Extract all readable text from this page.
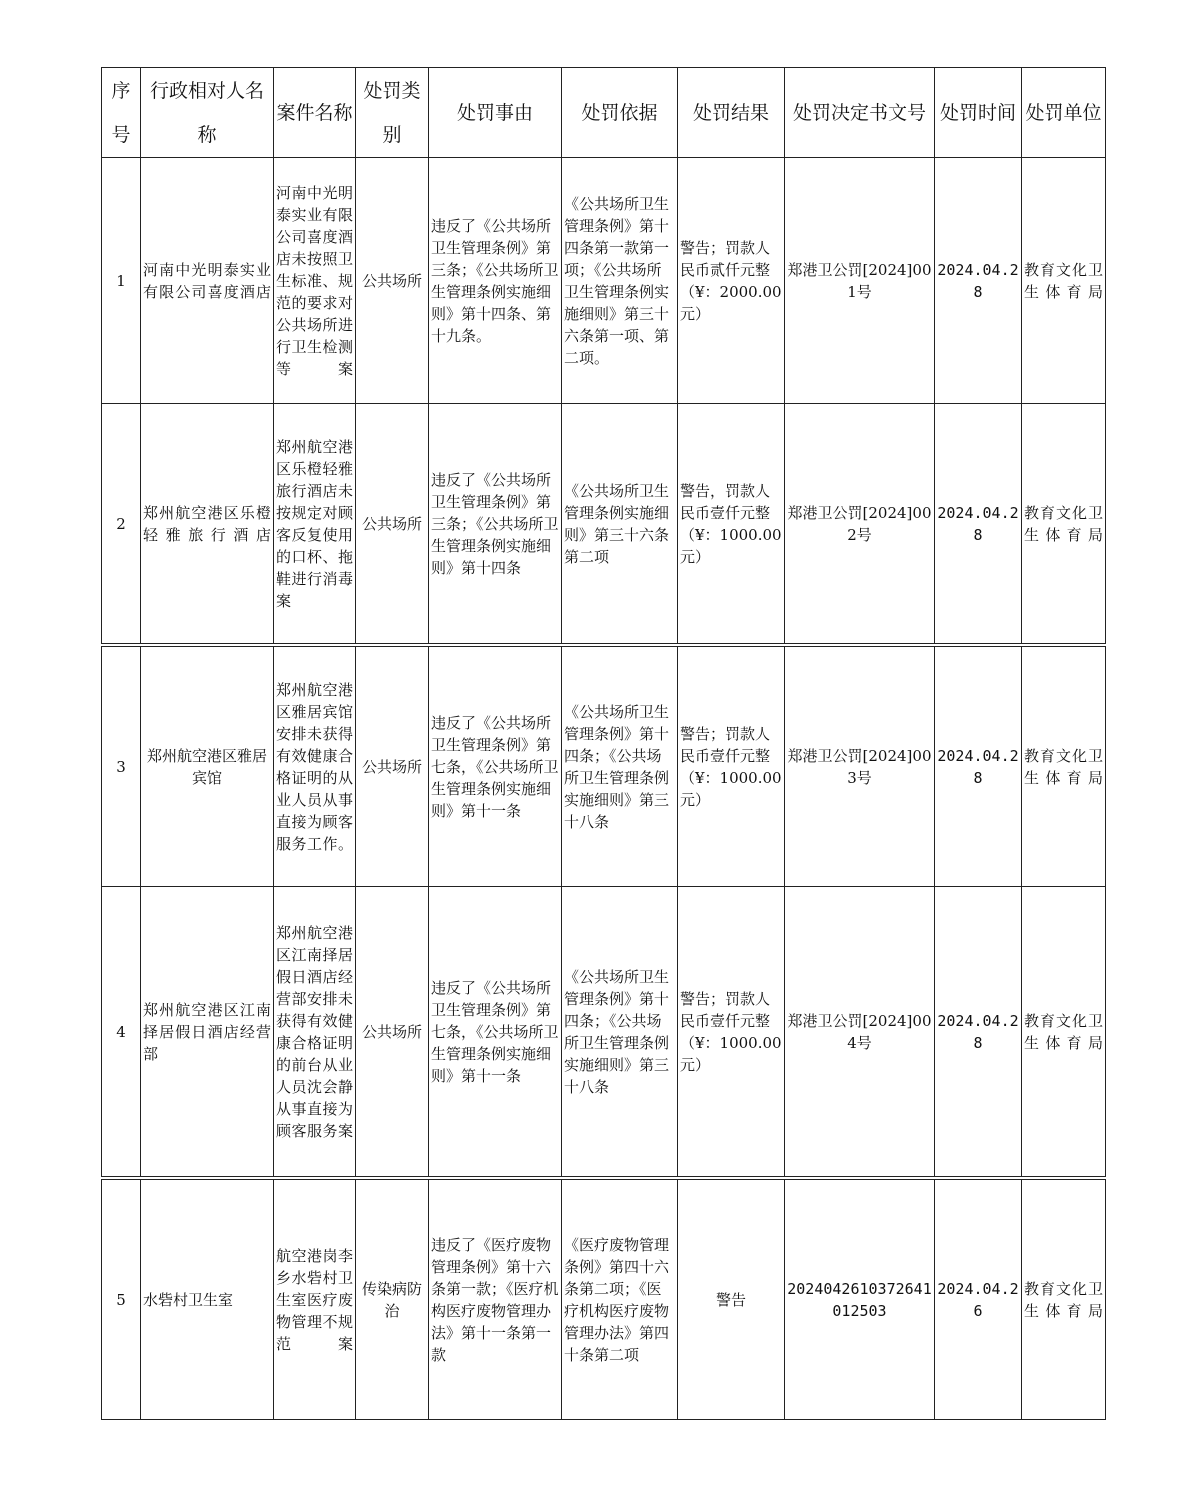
序号	行政相对人名称	案件名称	处罚类别	处罚事由	处罚依据	处罚结果	处罚决定书文号	处罚时间	处罚单位
1	河南中光明泰实业有限公司喜度酒店	河南中光明泰实业有限公司喜度酒店未按照卫生标准、规范的要求对公共场所进行卫生检测等案	公共场所	违反了《公共场所卫生管理条例》第三条；《公共场所卫生管理条例实施细则》第十四条、第十九条。	《公共场所卫生管理条例》第十四条第一款第一项；《公共场所卫生管理条例实施细则》第三十六条第一项、第二项。	警告；罚款人民币贰仟元整（¥：2000.00元）	郑港卫公罚[2024]001号	2024.04.28	教育文化卫生体育局
2	郑州航空港区乐橙轻雅旅行酒店	郑州航空港区乐橙轻雅旅行酒店未按规定对顾客反复使用的口杯、拖鞋进行消毒案	公共场所	违反了《公共场所卫生管理条例》第三条；《公共场所卫生管理条例实施细则》第十四条	《公共场所卫生管理条例实施细则》第三十六条第二项	警告，罚款人民币壹仟元整（¥：1000.00元）	郑港卫公罚[2024]002号	2024.04.28	教育文化卫生体育局

3	郑州航空港区雅居宾馆	郑州航空港区雅居宾馆安排未获得有效健康合格证明的从业人员从事直接为顾客服务工作。	公共场所	违反了《公共场所卫生管理条例》第七条，《公共场所卫生管理条例实施细则》第十一条	《公共场所卫生管理条例》第十四条；《公共场所卫生管理条例实施细则》第三十八条	警告；罚款人民币壹仟元整（¥：1000.00元）	郑港卫公罚[2024]003号	2024.04.28	教育文化卫生体育局
4	郑州航空港区江南择居假日酒店经营部	郑州航空港区江南择居假日酒店经营部安排未获得有效健康合格证明的前台从业人员沈会静从事直接为顾客服务案	公共场所	违反了《公共场所卫生管理条例》第七条，《公共场所卫生管理条例实施细则》第十一条	《公共场所卫生管理条例》第十四条；《公共场所卫生管理条例实施细则》第三十八条	警告；罚款人民币壹仟元整（¥：1000.00元）	郑港卫公罚[2024]004号	2024.04.28	教育文化卫生体育局

5	水砦村卫生室	航空港岗李乡水砦村卫生室医疗废物管理不规范案	传染病防治	违反了《医疗废物管理条例》第十六条第一款；《医疗机构医疗废物管理办法》第十一条第一款	《医疗废物管理条例》第四十六条第二项；《医疗机构医疗废物管理办法》第四十条第二项	警告	2024042610372641012503	2024.04.26	教育文化卫生体育局
